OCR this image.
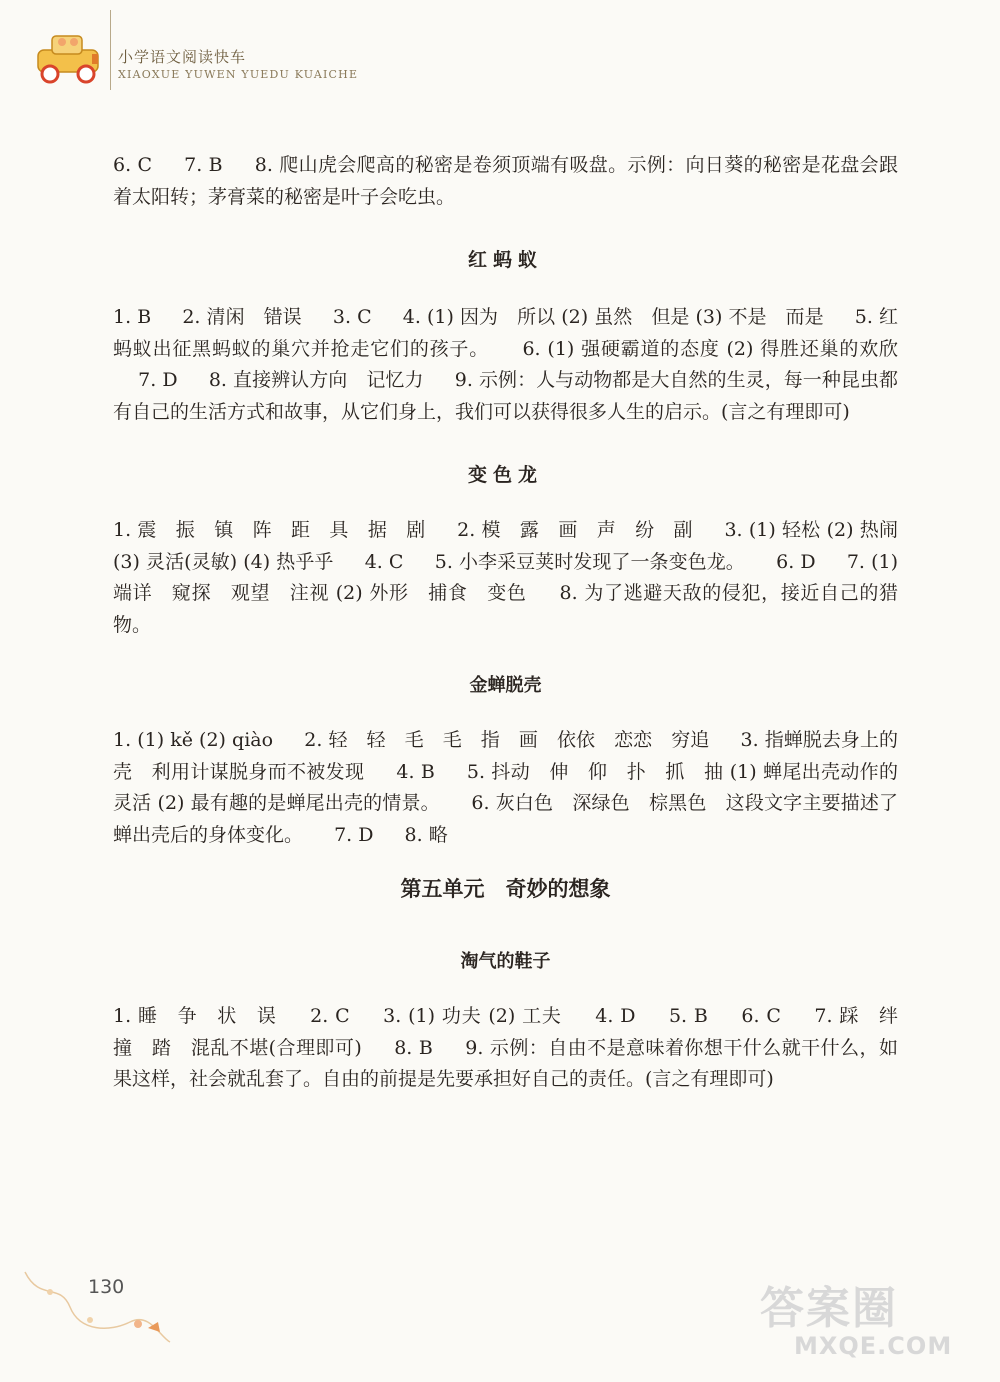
小学语文阅读快车
XIAOXUE YUWEN YUEDU KUAICHE

6. C 　 7. B 　 8. 爬山虎会爬高的秘密是卷须顶端有吸盘。示例：向日葵的秘密是花盘会跟着太阳转；茅膏菜的秘密是叶子会吃虫。

红蚂蚁

1. B 　 2. 清闲　错误 　 3. C 　 4. (1) 因为　所以 (2) 虽然　但是 (3) 不是　而是 　 5. 红蚂蚁出征黑蚂蚁的巢穴并抢走它们的孩子。 　 6. (1) 强硬霸道的态度 (2) 得胜还巢的欢欣 　 7. D 　 8. 直接辨认方向　记忆力 　 9. 示例：人与动物都是大自然的生灵，每一种昆虫都有自己的生活方式和故事，从它们身上，我们可以获得很多人生的启示。(言之有理即可)

变色龙

1. 震　振　镇　阵　距　具　据　剧 　 2. 模　露　画　声　纷　副 　 3. (1) 轻松 (2) 热闹 (3) 灵活(灵敏) (4) 热乎乎 　 4. C 　 5. 小李采豆荚时发现了一条变色龙。 　 6. D 　 7. (1) 端详　窥探　观望　注视 (2) 外形　捕食　变色 　 8. 为了逃避天敌的侵犯，接近自己的猎物。

金蝉脱壳

1. (1) kě (2) qiào 　 2. 轻　轻　毛　毛　指　画　依依　恋恋　穷追 　 3. 指蝉脱去身上的壳　利用计谋脱身而不被发现 　 4. B 　 5. 抖动　伸　仰　扑　抓　抽 (1) 蝉尾出壳动作的灵活 (2) 最有趣的是蝉尾出壳的情景。 　 6. 灰白色　深绿色　棕黑色　这段文字主要描述了蝉出壳后的身体变化。 　 7. D 　 8. 略

第五单元　奇妙的想象

淘气的鞋子

1. 睡　争　状　误 　 2. C 　 3. (1) 功夫 (2) 工夫 　 4. D 　 5. B 　 6. C 　 7. 踩　绊　撞　踏　混乱不堪(合理即可) 　 8. B 　 9. 示例：自由不是意味着你想干什么就干什么，如果这样，社会就乱套了。自由的前提是先要承担好自己的责任。(言之有理即可)

130	答案圈
MXQE.COM
